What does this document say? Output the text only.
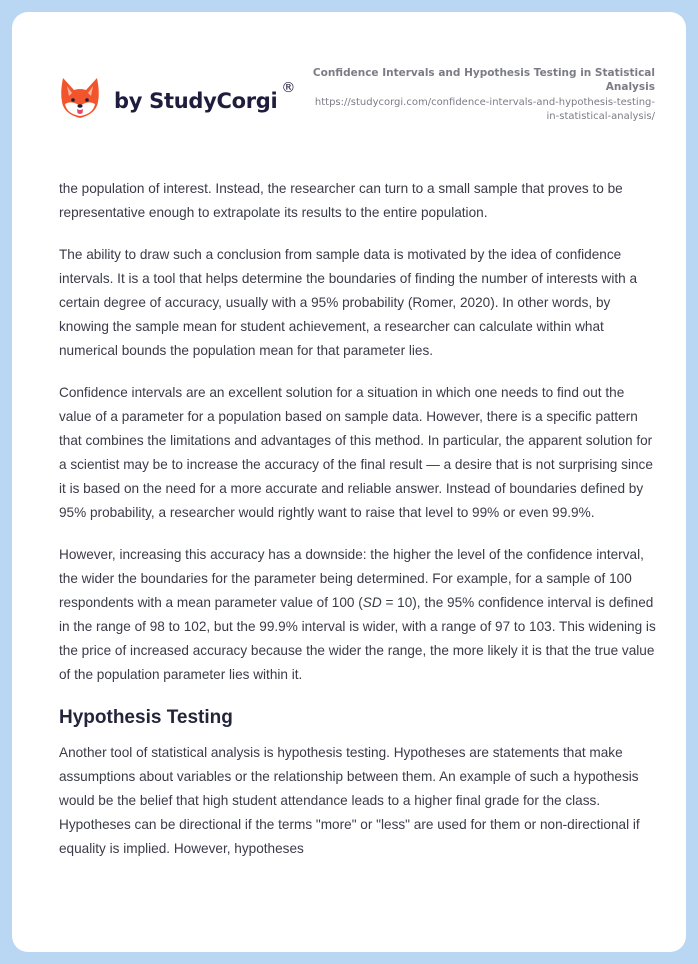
by StudyCorgi
®
Confidence Intervals and Hypothesis Testing in Statistical Analysis
https://studycorgi.com/confidence-intervals-and-hypothesis-testing-in-statistical-analysis/

the population of interest. Instead, the researcher can turn to a small sample that proves to be representative enough to extrapolate its results to the entire population.

The ability to draw such a conclusion from sample data is motivated by the idea of confidence intervals. It is a tool that helps determine the boundaries of finding the number of interests with a certain degree of accuracy, usually with a 95% probability (Romer, 2020). In other words, by knowing the sample mean for student achievement, a researcher can calculate within what numerical bounds the population mean for that parameter lies.

Confidence intervals are an excellent solution for a situation in which one needs to find out the value of a parameter for a population based on sample data. However, there is a specific pattern that combines the limitations and advantages of this method. In particular, the apparent solution for a scientist may be to increase the accuracy of the final result — a desire that is not surprising since it is based on the need for a more accurate and reliable answer. Instead of boundaries defined by 95% probability, a researcher would rightly want to raise that level to 99% or even 99.9%.

However, increasing this accuracy has a downside: the higher the level of the confidence interval, the wider the boundaries for the parameter being determined. For example, for a sample of 100 respondents with a mean parameter value of 100 (SD = 10), the 95% confidence interval is defined in the range of 98 to 102, but the 99.9% interval is wider, with a range of 97 to 103. This widening is the price of increased accuracy because the wider the range, the more likely it is that the true value of the population parameter lies within it.

Hypothesis Testing

Another tool of statistical analysis is hypothesis testing. Hypotheses are statements that make assumptions about variables or the relationship between them. An example of such a hypothesis would be the belief that high student attendance leads to a higher final grade for the class. Hypotheses can be directional if the terms "more" or "less" are used for them or non-directional if equality is implied. However, hypotheses
